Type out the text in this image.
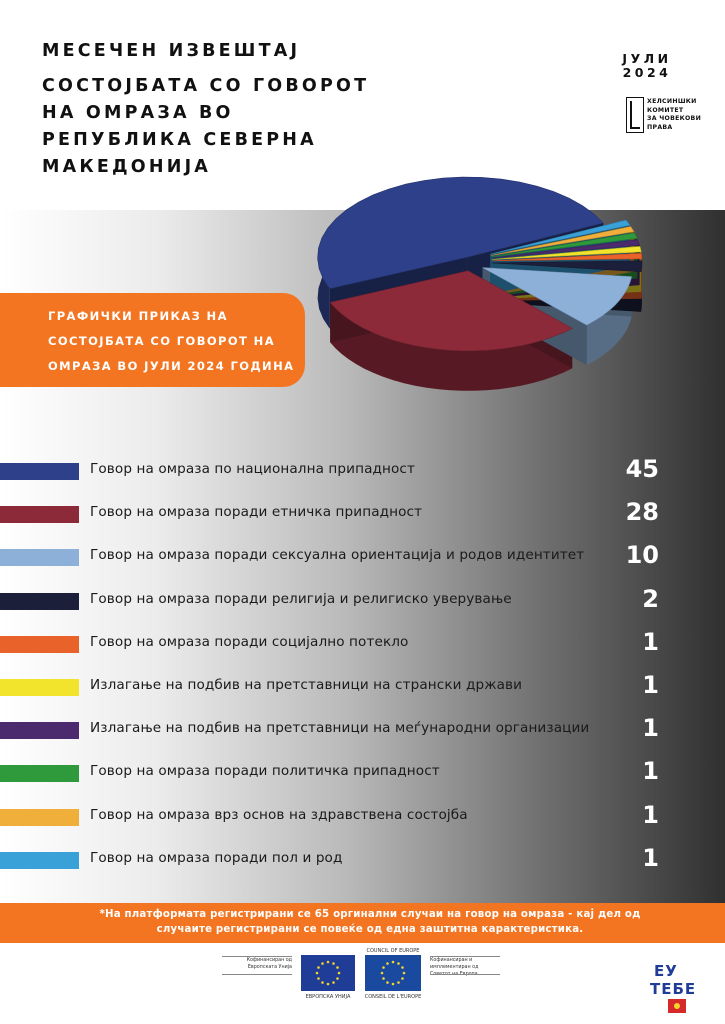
МЕСЕЧЕН ИЗВЕШТАЈ
СОСТОЈБАТА СО ГОВОРОТ
НА ОМРАЗА ВО
РЕПУБЛИКА СЕВЕРНА
МАКЕДОНИЈА
ЈУЛИ
2024
ХЕЛСИНШКИ
КОМИТЕТ
ЗА ЧОВЕКОВИ
ПРАВА
ГРАФИЧКИ ПРИКАЗ НА
СОСТОЈБАТА СО ГОВОРОТ НА
ОМРАЗА ВО ЈУЛИ 2024 ГОДИНА
Говор на омраза по национална припадност	45
Говор на омраза поради етничка припадност	28
Говор на омраза поради сексуална ориентација и родов идентитет 10
Говор на омраза поради религија и религиско уверување	2
Говор на омраза поради социјално потекло	1
Излагање на подбив на претставници на странски држави	1
Излагање на подбив на претставници на меѓународни организации 1
Говор на омраза поради политичка припадност	1
Говор на омраза врз основ на здравствена состојба	1
Говор на омраза поради пол и род	1
*На платформата регистрирани се 65 оргинални случаи на говор на омраза - кај дел од
случаите регистрирани се повеќе од една заштитна карактеристика.
Кофинансиран од
Европската Унија
ЕВРОПСКА УНИЈА
COUNCIL OF EUROPE
CONSEIL DE L'EUROPE
Кофинансиран и
имплементиран од
Советот на Европа	ЕУ
ТЕБЕ
